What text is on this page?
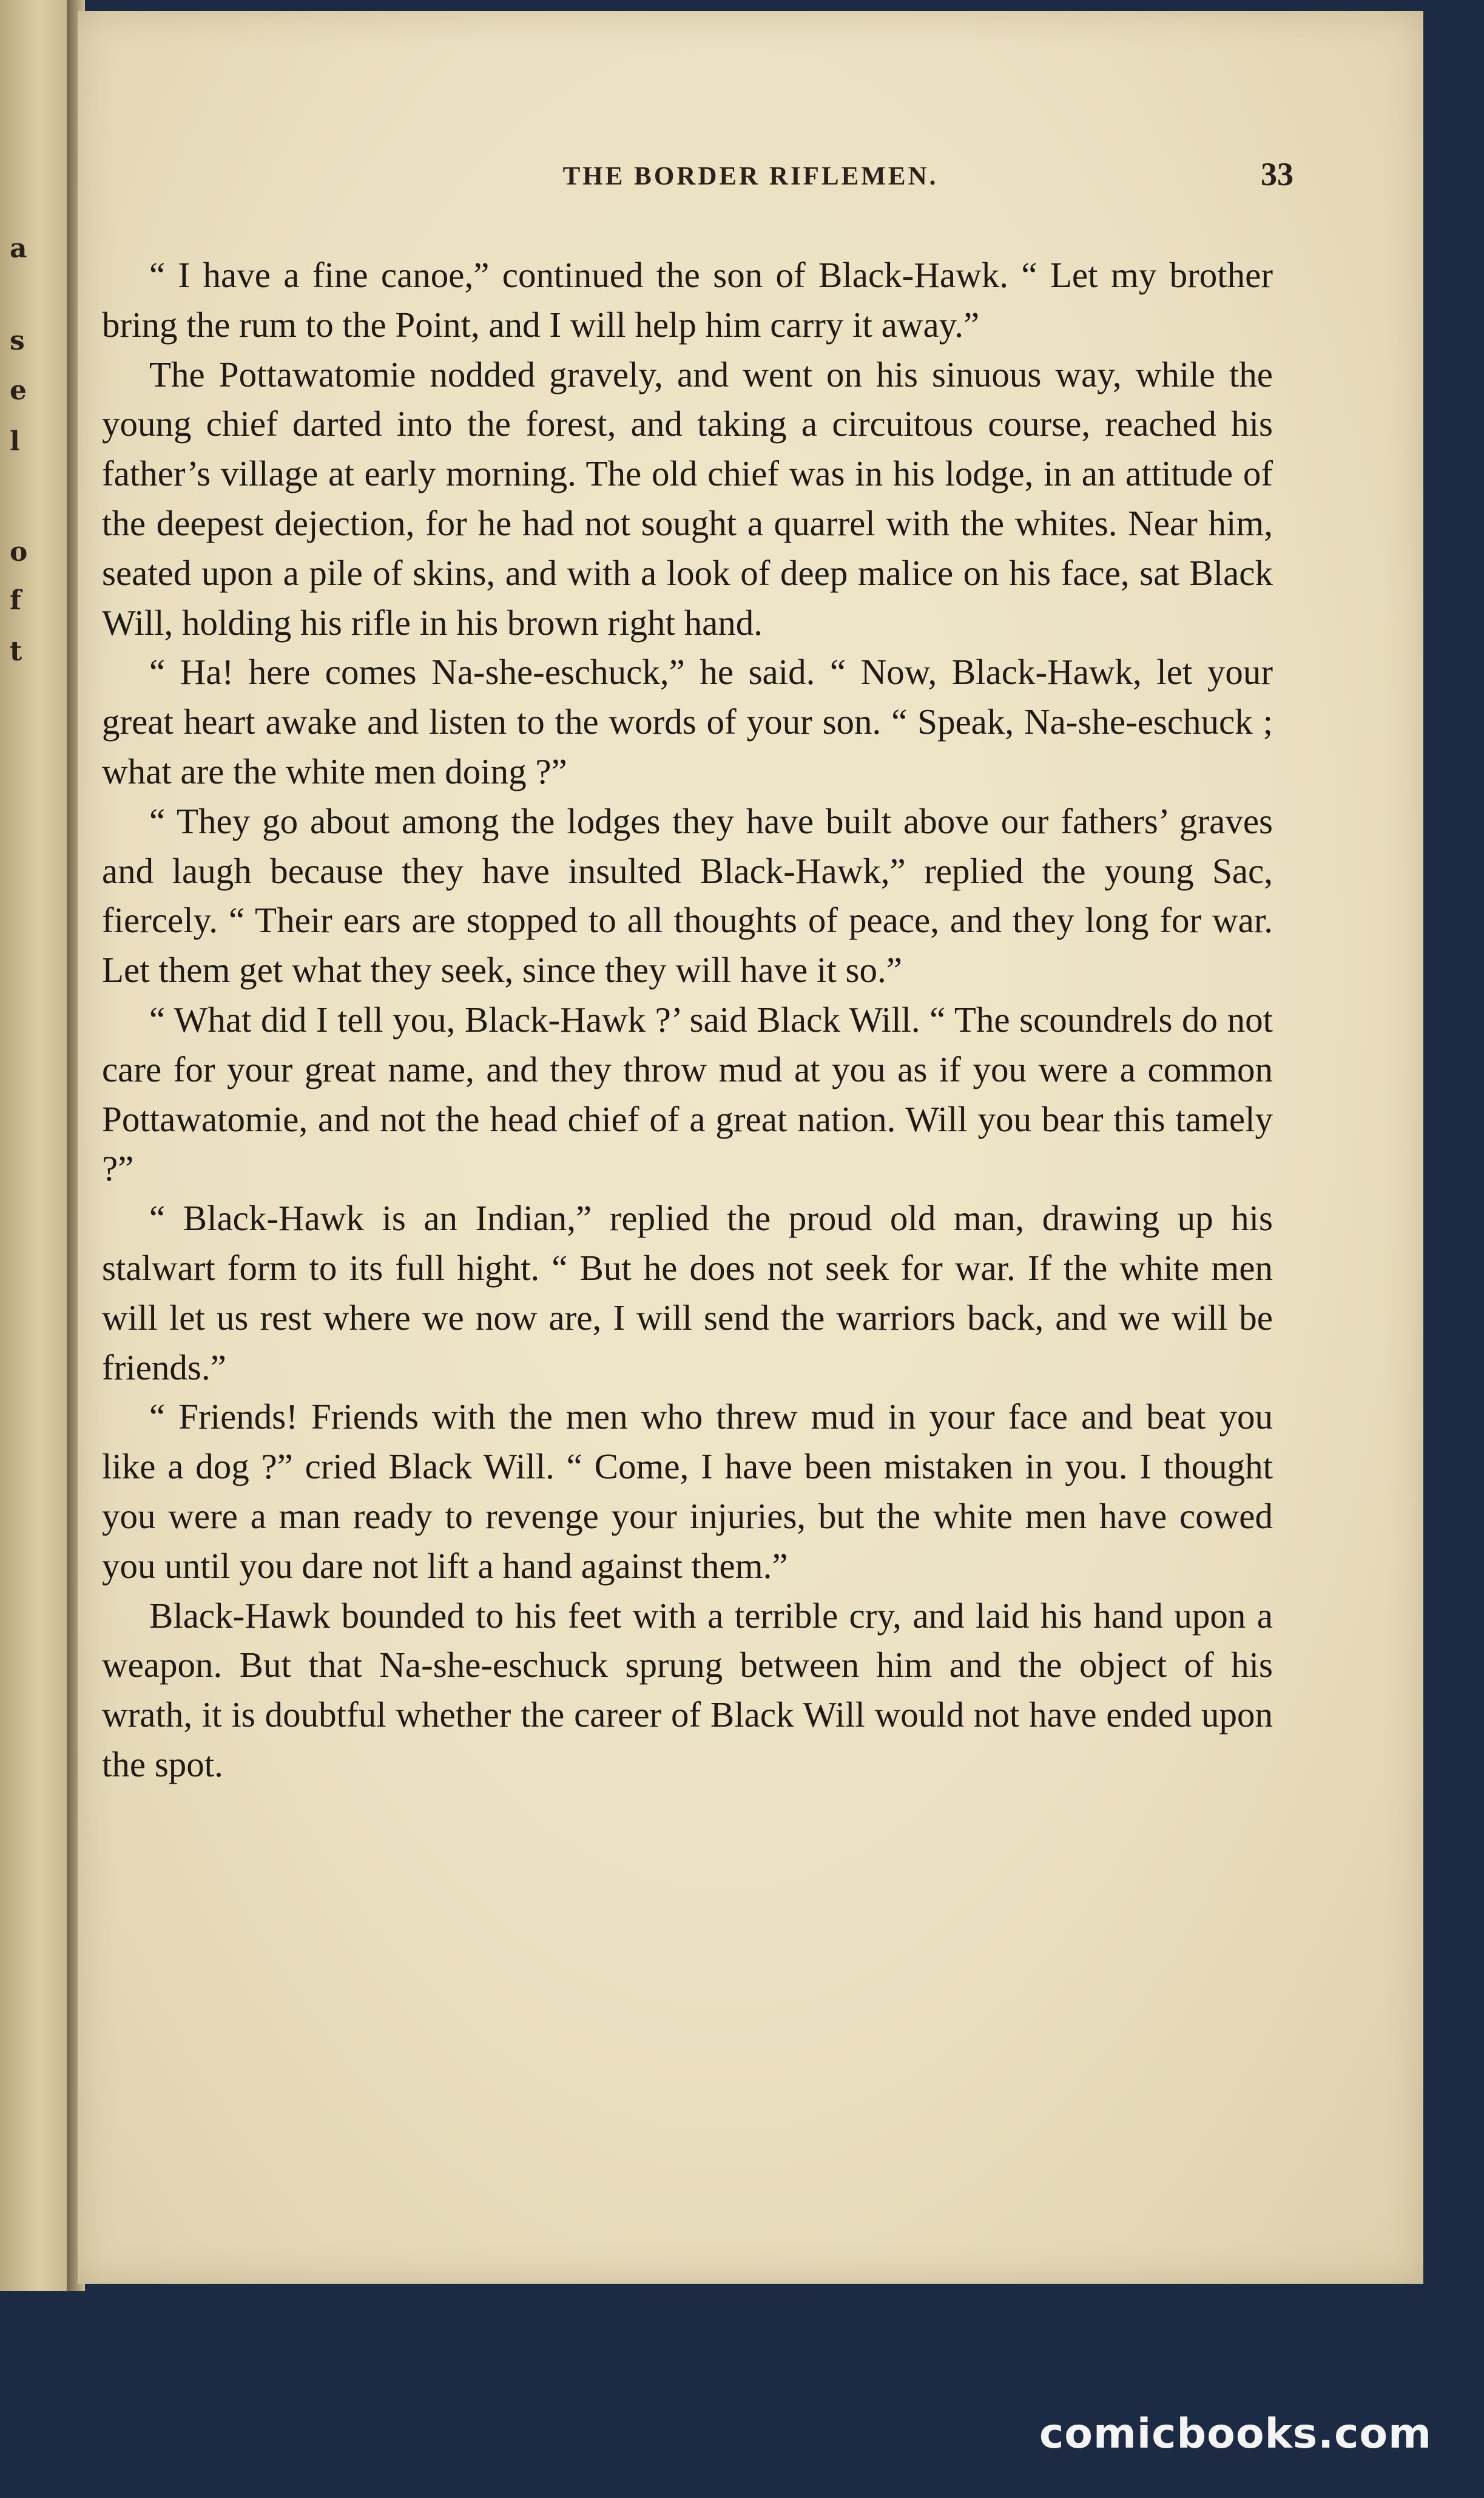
a
s
e
l
o
f
t
THE BORDER RIFLEMEN.	33

“ I have a fine canoe,” continued the son of Black-Hawk. “ Let my brother bring the rum to the Point, and I will help him carry it away.”

The Pottawatomie nodded gravely, and went on his sinuous way, while the young chief darted into the forest, and taking a circuitous course, reached his father’s village at early morning. The old chief was in his lodge, in an attitude of the deepest dejection, for he had not sought a quarrel with the whites. Near him, seated upon a pile of skins, and with a look of deep malice on his face, sat Black Will, holding his rifle in his brown right hand.

“ Ha! here comes Na-she-eschuck,” he said. “ Now, Black-Hawk, let your great heart awake and listen to the words of your son. “ Speak, Na-she-eschuck ; what are the white men doing ?”

“ They go about among the lodges they have built above our fathers’ graves and laugh because they have insulted Black-Hawk,” replied the young Sac, fiercely. “ Their ears are stopped to all thoughts of peace, and they long for war. Let them get what they seek, since they will have it so.”

“ What did I tell you, Black-Hawk ?’ said Black Will. “ The scoundrels do not care for your great name, and they throw mud at you as if you were a common Pottawatomie, and not the head chief of a great nation. Will you bear this tamely ?”

“ Black-Hawk is an Indian,” replied the proud old man, drawing up his stalwart form to its full hight. “ But he does not seek for war. If the white men will let us rest where we now are, I will send the warriors back, and we will be friends.”

“ Friends! Friends with the men who threw mud in your face and beat you like a dog ?” cried Black Will. “ Come, I have been mistaken in you. I thought you were a man ready to revenge your injuries, but the white men have cowed you until you dare not lift a hand against them.”

Black-Hawk bounded to his feet with a terrible cry, and laid his hand upon a weapon. But that Na-she-eschuck sprung between him and the object of his wrath, it is doubtful whether the career of Black Will would not have ended upon the spot.

comicbooks.com
